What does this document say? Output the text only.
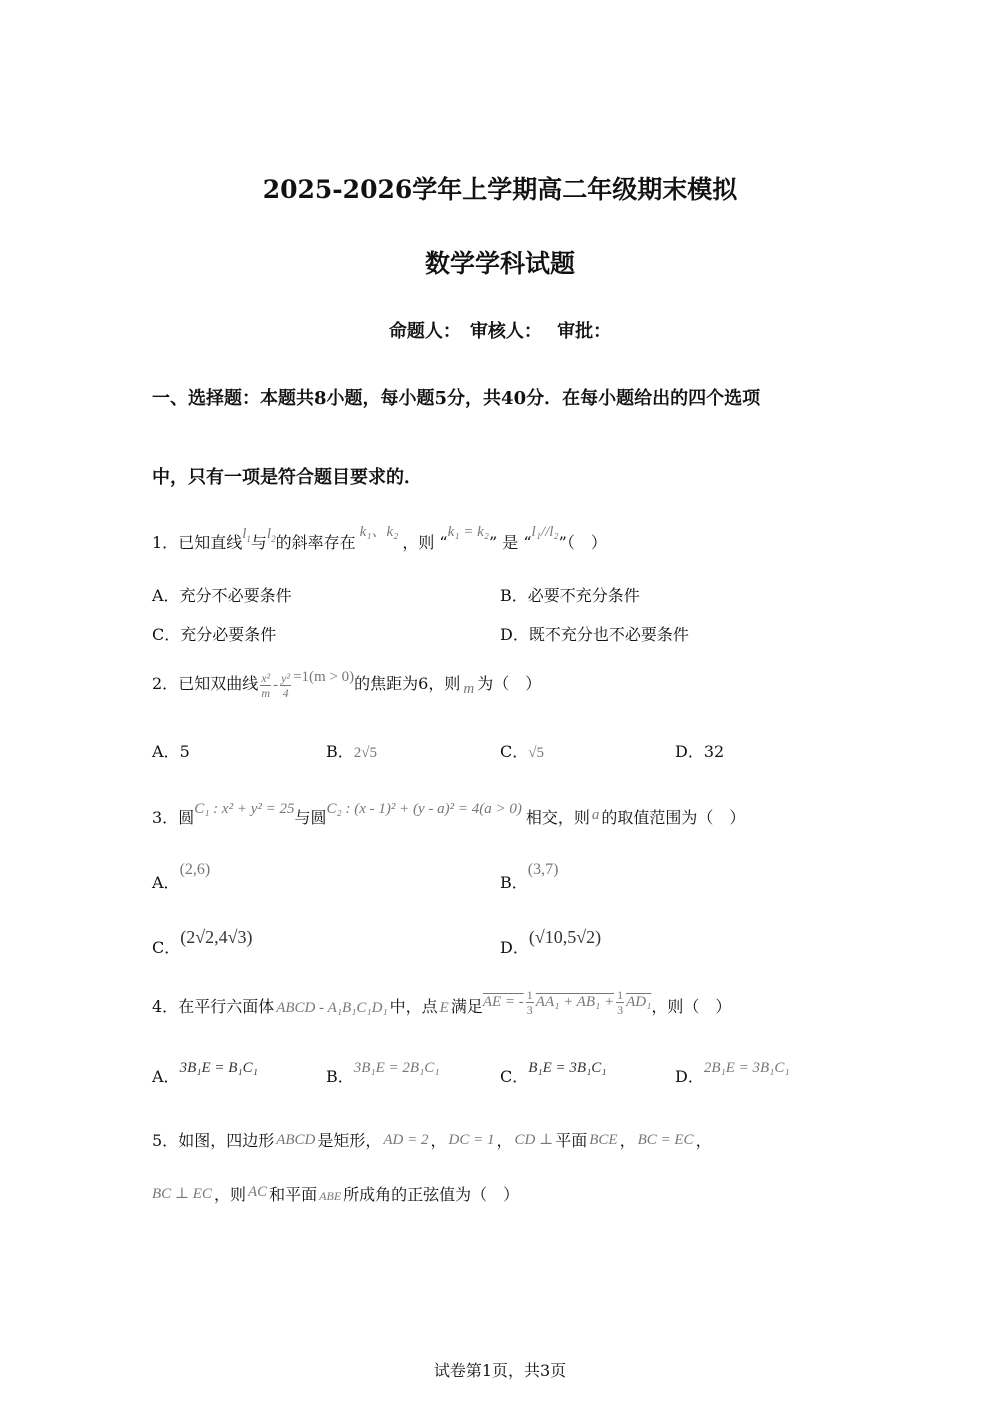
2025-2026学年上学期高二年级期末模拟
数学学科试题
命题人：　审核人：　 审批：
一、选择题：本题共8小题，每小题5分，共40分．在每小题给出的四个选项
中，只有一项是符合题目要求的．
1．已知直线$l_1$与$l_2$的斜率存在k₁、k₂，则 “k₁ = k₂” 是 “l₁//l₂”（　）
A．充分不必要条件	B．必要不充分条件
C．充分必要条件	D．既不充分也不必要条件
2．已知双曲线 $\frac{\text{x²}}{m} - \frac{\text{y²}}{4} =1(m > 0)$的焦距为6，则 m 为（　）
A．5	B．2√5	C．√5	D．32
3．圆C₁ : x² + y² = 25与圆C₂ : (x - 1)² + (y - a)² = 4(a > 0) 相交，则 a 的取值范围为（　）
A．(2,6)
B．(3,7)
C．(2√2,4√3)
D．(√10,5√2)
4．在平行六面体 ABCD - A₁B₁C₁D₁ 中，点 E 满足AE = - $\frac{1}{3} AA_1 + AB_1 + \frac{1}{3} AD_1$，则（　）
A．3B₁E = B₁C₁	B．3B₁E = 2B₁C₁	C．B₁E = 3B₁C₁	D．2B₁E = 3B₁C₁
5．如图，四边形 ABCD 是矩形， AD = 2 ， DC = 1 ， CD ⊥ 平面 BCE ， BC = EC ，
BC ⊥ EC ，则 AC 和平面 ABE 所成角的正弦值为（　）
试卷第1页，共3页
